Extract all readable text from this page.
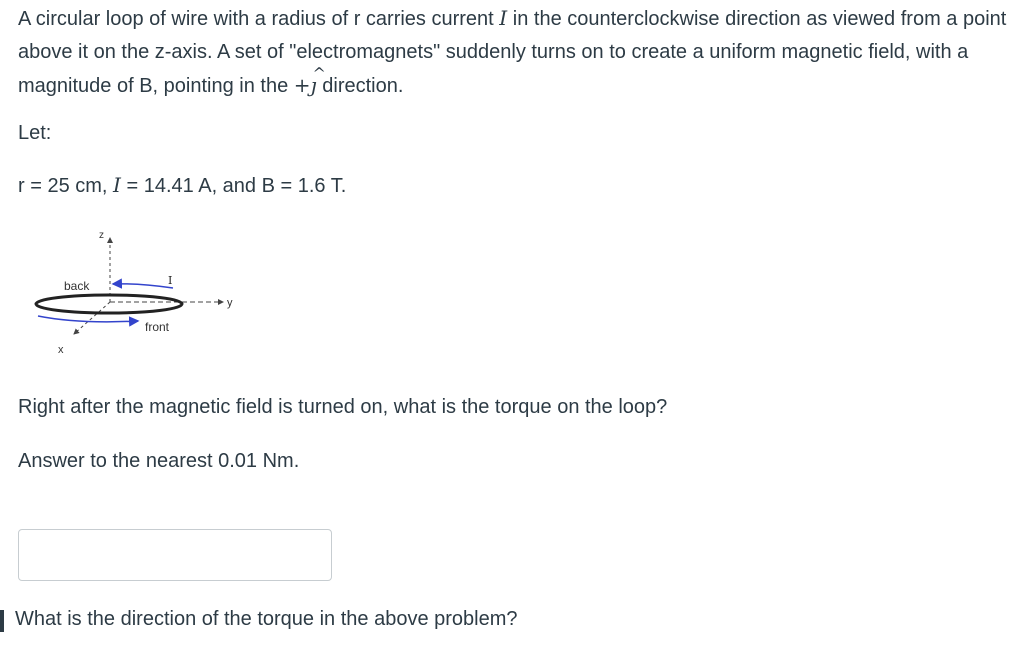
A circular loop of wire with a radius of r carries current I in the counterclockwise direction as viewed from a point above it on the z-axis. A set of "electromagnets" suddenly turns on to create a uniform magnetic field, with a magnitude of B, pointing in the + ^
ȷ direction.

Let:
r = 25 cm, I = 14.41 A, and B = 1.6 T.
z
y
x
back
front
I
Right after the magnetic field is turned on, what is the torque on the loop?
Answer to the nearest 0.01 Nm.
What is the direction of the torque in the above problem?
